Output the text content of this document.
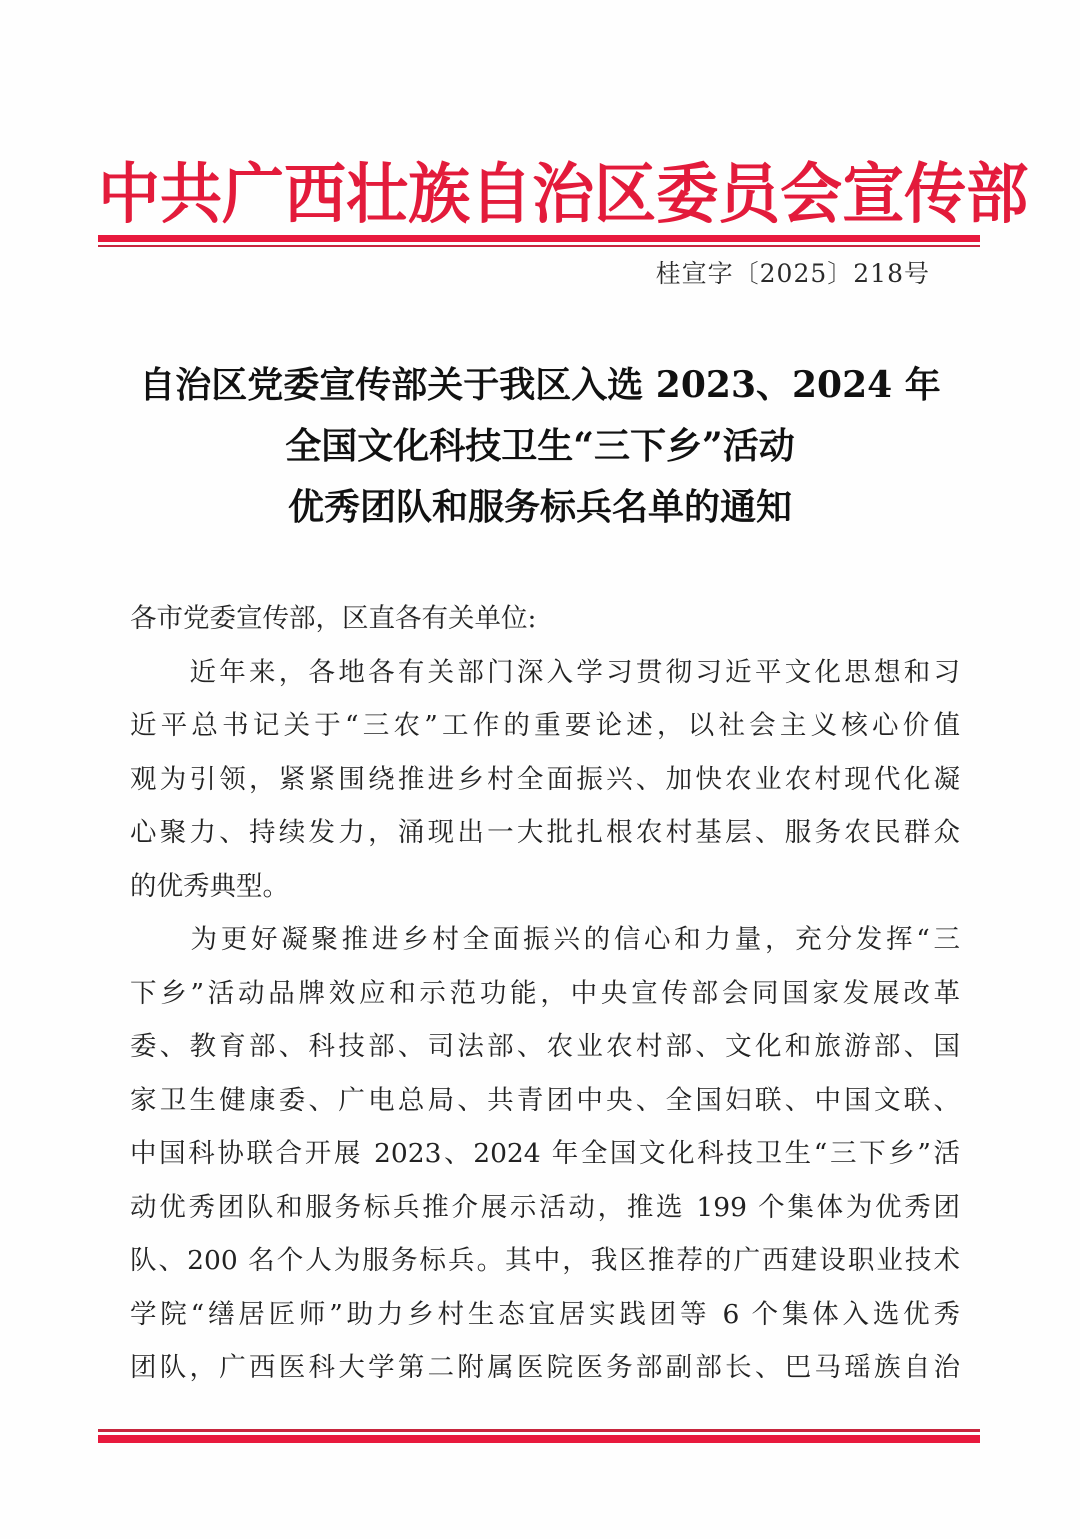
中 共 广 西 壮 族 自 治 区 委 员 会 宣 传 部
桂宣字〔2025〕218号
自治区党委宣传部关于我区入选 2023、2024 年
全国文化科技卫生“三下乡”活动
优秀团队和服务标兵名单的通知
各市党委宣传部，区直各有关单位:
　　近年来，各地各有关部门深入学习贯彻习近平文化思想和习
近平总书记关于“三农”工作的重要论述，以社会主义核心价值
观为引领，紧紧围绕推进乡村全面振兴、加快农业农村现代化凝
心聚力、持续发力，涌现出一大批扎根农村基层、服务农民群众
的优秀典型。
　　为更好凝聚推进乡村全面振兴的信心和力量，充分发挥“三
下乡”活动品牌效应和示范功能，中央宣传部会同国家发展改革
委、教育部、科技部、司法部、农业农村部、文化和旅游部、国
家卫生健康委、广电总局、共青团中央、全国妇联、中国文联、
中国科协联合开展 2023、2024 年全国文化科技卫生“三下乡”活
动优秀团队和服务标兵推介展示活动，推选 199 个集体为优秀团
队、200 名个人为服务标兵。其中，我区推荐的广西建设职业技术
学院“缮居匠师”助力乡村生态宜居实践团等 6 个集体入选优秀
团队，广西医科大学第二附属医院医务部副部长、巴马瑶族自治
